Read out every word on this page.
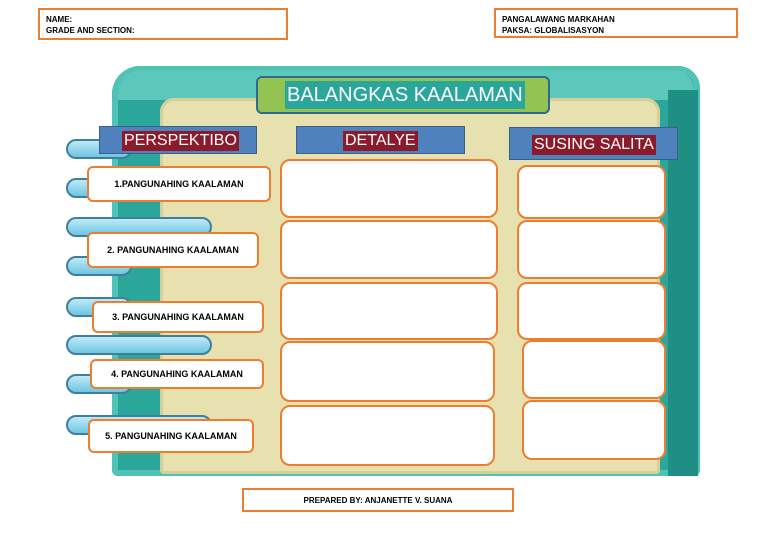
NAME:
GRADE AND SECTION:
PANGALAWANG MARKAHAN
PAKSA: GLOBALISASYON
BALANGKAS KAALAMAN
PERSPEKTIBO	DETALYE	SUSING SALITA
1.PANGUNAHING KAALAMAN
2. PANGUNAHING KAALAMAN
3. PANGUNAHING KAALAMAN
4. PANGUNAHING KAALAMAN
5. PANGUNAHING KAALAMAN
PREPARED BY: ANJANETTE V. SUANA
